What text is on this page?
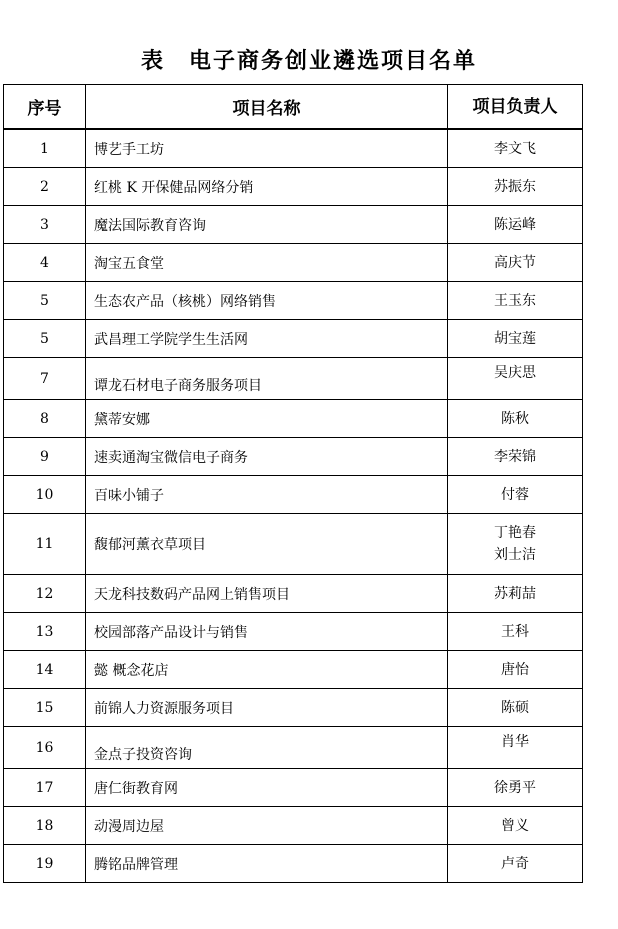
表　电子商务创业遴选项目名单
序号	项目名称	项目负责人
1	博艺手工坊	李文飞

2	红桃 K 开保健品网络分销	苏振东

3	魔法国际教育咨询	陈运峰

4	淘宝五食堂	高庆节

5	生态农产品（核桃）网络销售	王玉东

5	武昌理工学院学生生活网	胡宝莲

7	谭龙石材电子商务服务项目	吴庆思

8	黛蒂安娜	陈秋

9	速卖通淘宝微信电子商务	李荣锦

10	百味小铺子	付蓉

11	馥郁河薰衣草项目	丁艳春
刘士洁

12	天龙科技数码产品网上销售项目	苏莉喆

13	校园部落产品设计与销售	王科

14	懿 概念花店	唐怡

15	前锦人力资源服务项目	陈硕

16	金点子投资咨询	肖华

17	唐仁街教育网	徐勇平

18	动漫周边屋	曾义

19	腾铭品牌管理	卢奇
